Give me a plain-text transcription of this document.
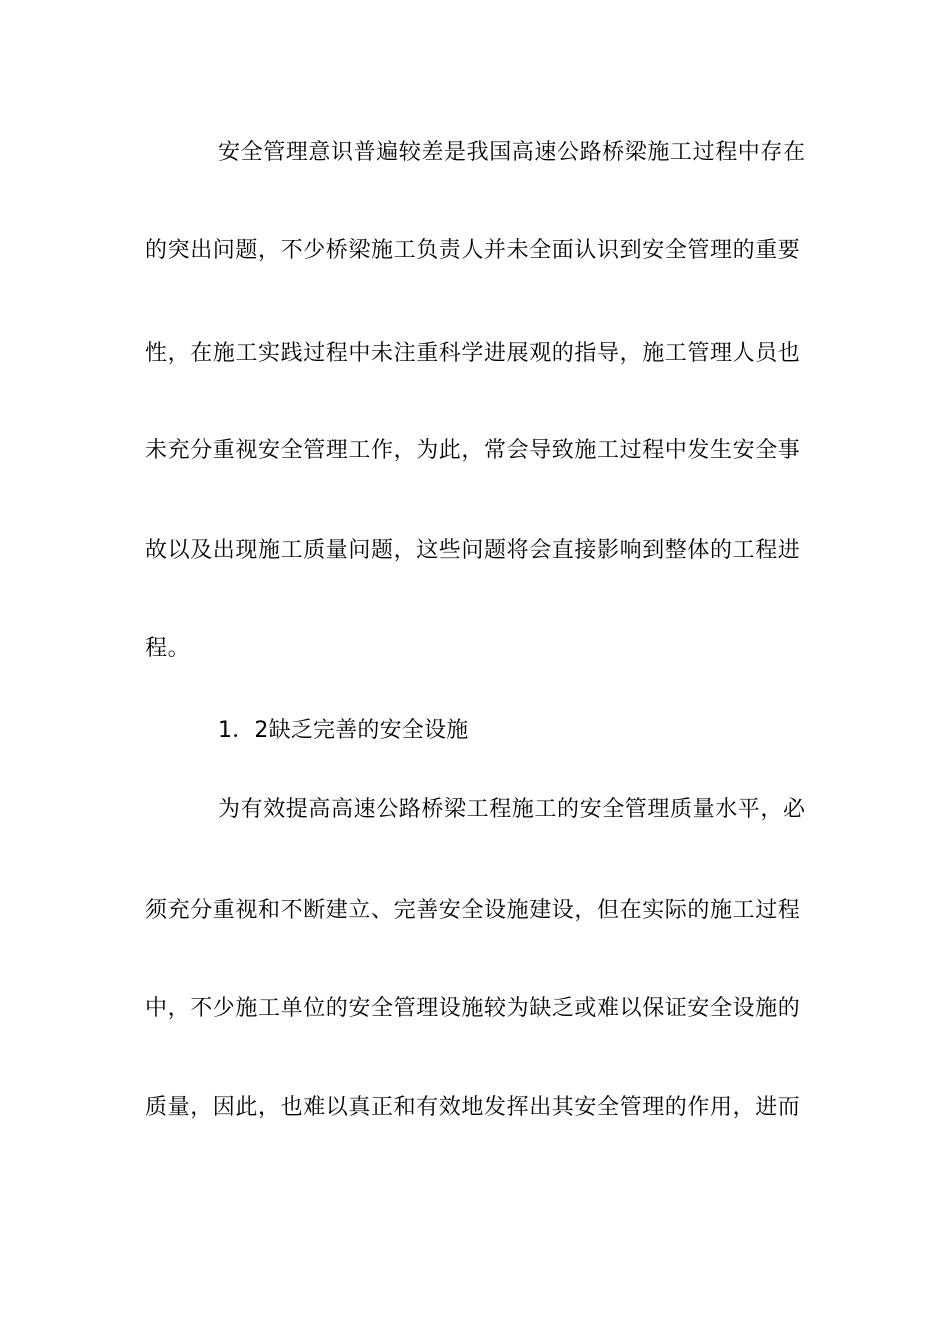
安全管理意识普遍较差是我国高速公路桥梁施工过程中存在
的突出问题，不少桥梁施工负责人并未全面认识到安全管理的重要
性，在施工实践过程中未注重科学进展观的指导，施工管理人员也
未充分重视安全管理工作，为此，常会导致施工过程中发生安全事
故以及出现施工质量问题，这些问题将会直接影响到整体的工程进
程。
1．2缺乏完善的安全设施
为有效提高高速公路桥梁工程施工的安全管理质量水平，必
须充分重视和不断建立、完善安全设施建设，但在实际的施工过程
中，不少施工单位的安全管理设施较为缺乏或难以保证安全设施的
质量，因此，也难以真正和有效地发挥出其安全管理的作用，进而
